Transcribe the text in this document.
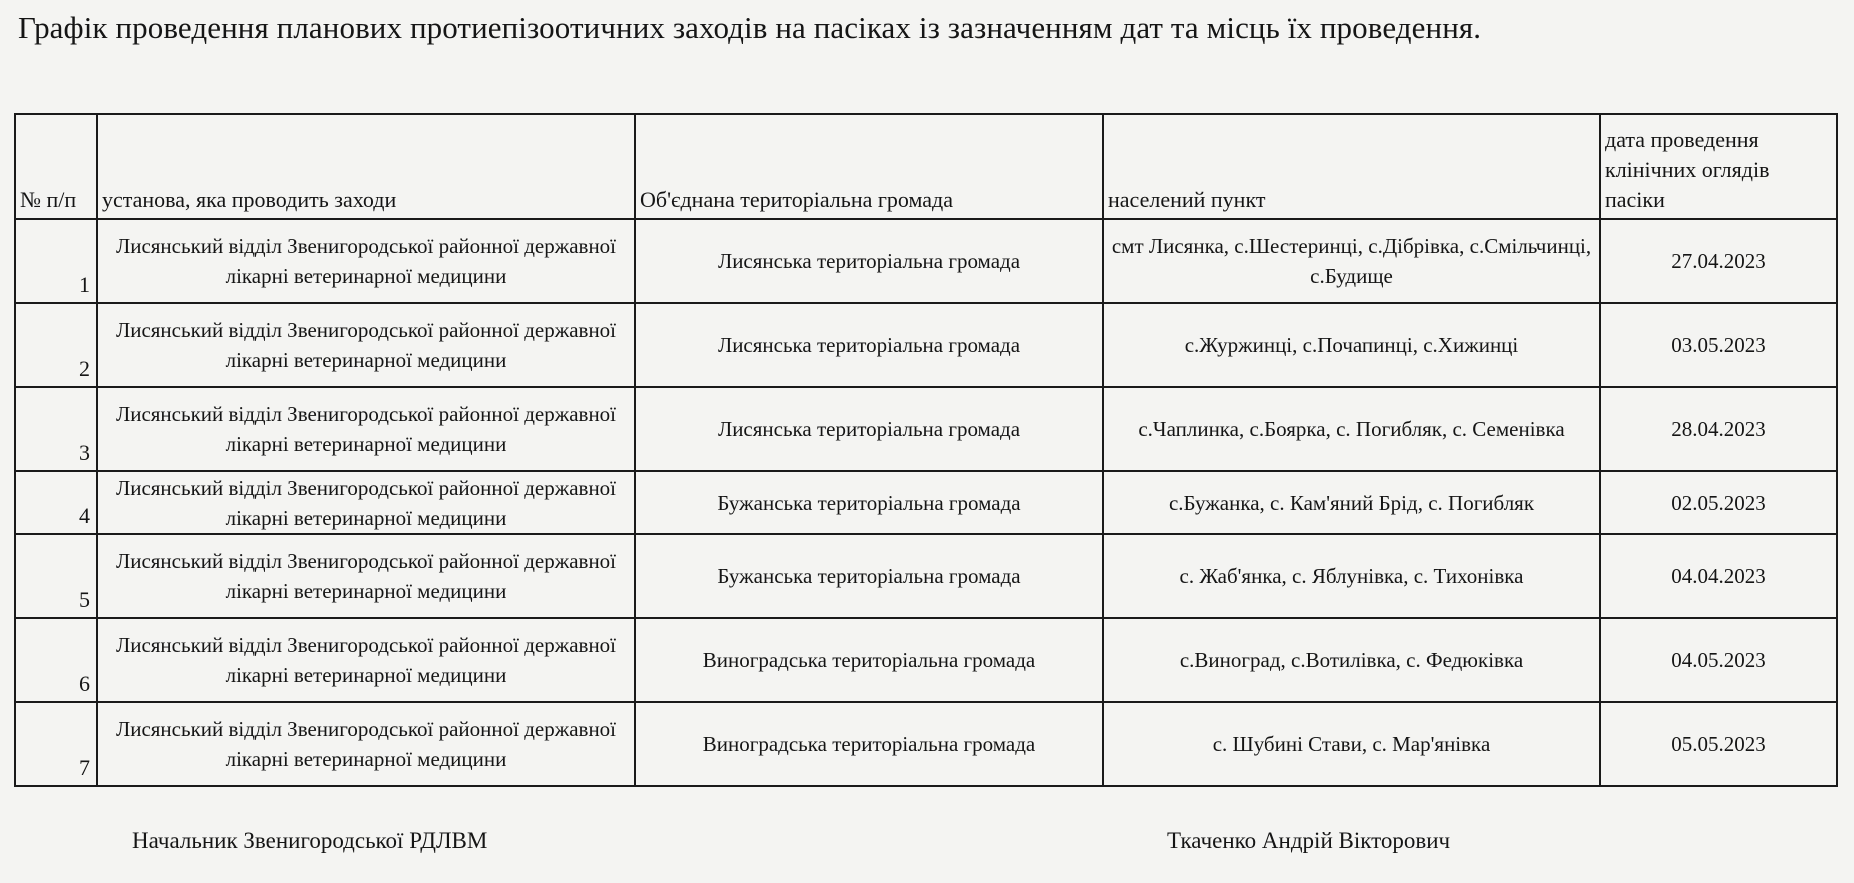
Графік проведення планових протиепізоотичних заходів на пасіках із зазначенням дат та місць їх проведення.
№ п/п	установа, яка проводить заходи	Об'єднана територіальна громада	населений пункт	дата проведення клінічних оглядів пасіки
1	Лисянський відділ Звенигородської районної державної лікарні ветеринарної медицини	Лисянська територіальна громада	смт Лисянка, с.Шестеринці, с.Дібрівка, с.Смільчинці, с.Будище	27.04.2023
2	Лисянський відділ Звенигородської районної державної лікарні ветеринарної медицини	Лисянська територіальна громада	с.Журжинці, с.Почапинці, с.Хижинці	03.05.2023
3	Лисянський відділ Звенигородської районної державної лікарні ветеринарної медицини	Лисянська територіальна громада	с.Чаплинка, с.Боярка, с. Погибляк, с. Семенівка	28.04.2023
4	Лисянський відділ Звенигородської районної державної лікарні ветеринарної медицини	Бужанська територіальна громада	с.Бужанка, с. Кам'яний Брід, с. Погибляк	02.05.2023
5	Лисянський відділ Звенигородської районної державної лікарні ветеринарної медицини	Бужанська територіальна громада	с. Жаб'янка, с. Яблунівка, с. Тихонівка	04.04.2023
6	Лисянський відділ Звенигородської районної державної лікарні ветеринарної медицини	Виноградська територіальна громада	с.Виноград, с.Вотилівка, с. Федюківка	04.05.2023
7	Лисянський відділ Звенигородської районної державної лікарні ветеринарної медицини	Виноградська територіальна громада	с. Шубині Стави, с. Мар'янівка	05.05.2023
Начальник Звенигородської РДЛВМ	Ткаченко Андрій Вікторович
